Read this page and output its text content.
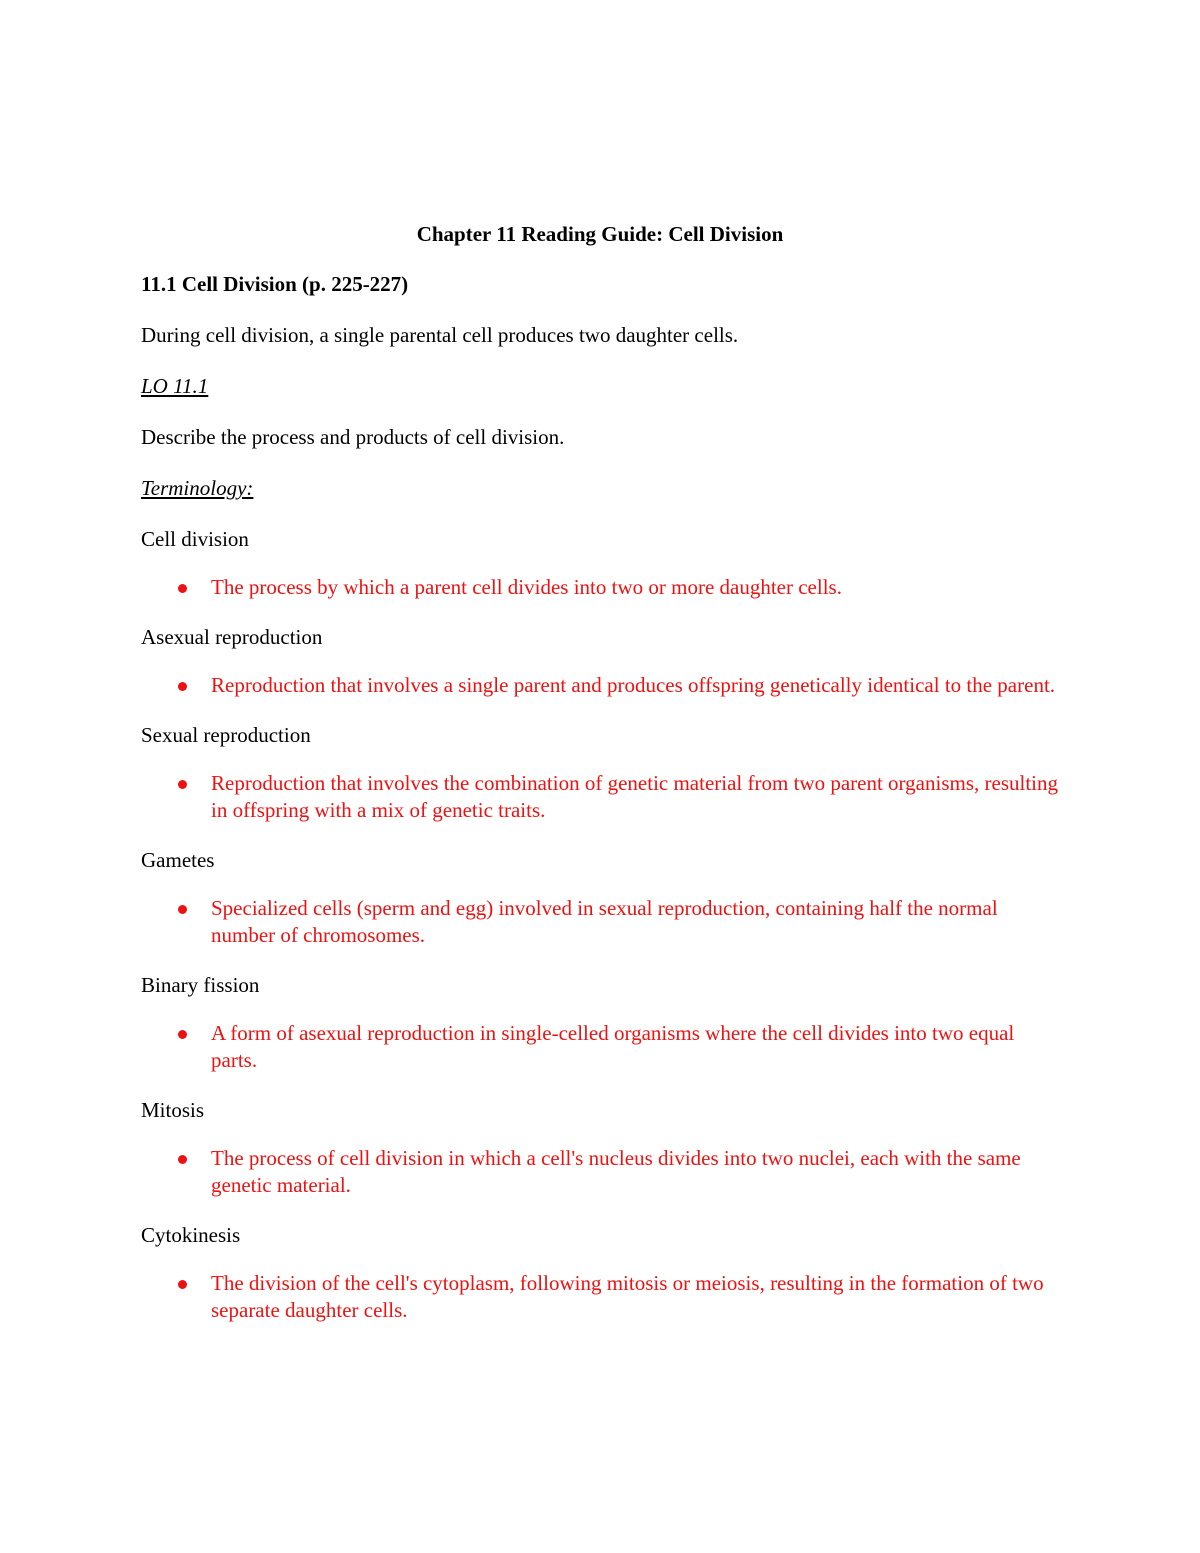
Chapter 11 Reading Guide: Cell Division
11.1 Cell Division (p. 225-227)
During cell division, a single parental cell produces two daughter cells.
LO 11.1
Describe the process and products of cell division.
Terminology:
Cell division
The process by which a parent cell divides into two or more daughter cells.
Asexual reproduction
Reproduction that involves a single parent and produces offspring genetically identical to the parent.
Sexual reproduction
Reproduction that involves the combination of genetic material from two parent organisms, resulting in offspring with a mix of genetic traits.
Gametes
Specialized cells (sperm and egg) involved in sexual reproduction, containing half the normal number of chromosomes.
Binary fission
A form of asexual reproduction in single-celled organisms where the cell divides into two equal parts.
Mitosis
The process of cell division in which a cell's nucleus divides into two nuclei, each with the same genetic material.
Cytokinesis
The division of the cell's cytoplasm, following mitosis or meiosis, resulting in the formation of two separate daughter cells.
